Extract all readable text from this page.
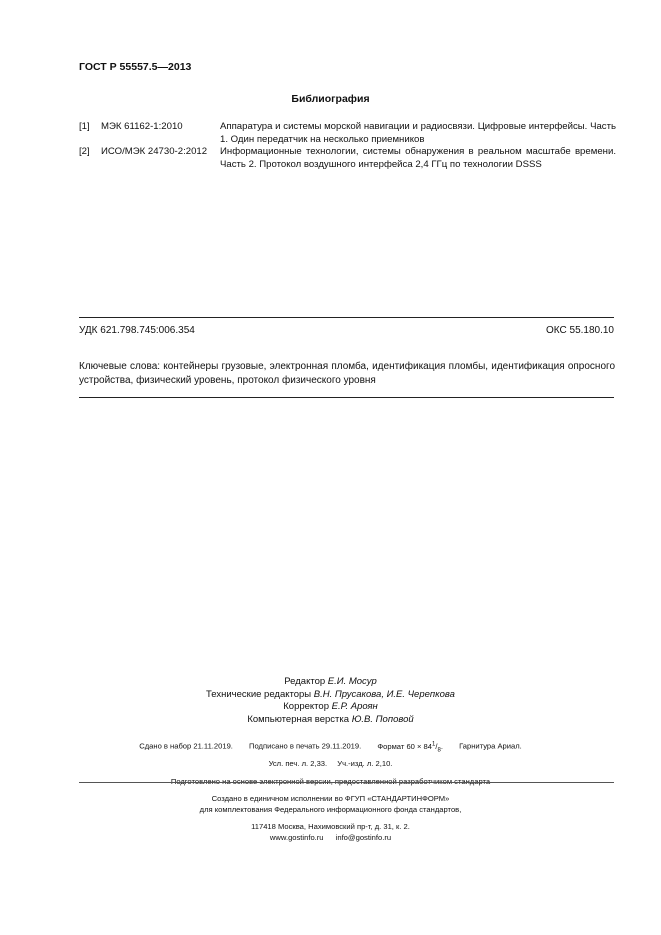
ГОСТ Р 55557.5—2013
Библиография
[1] МЭК 61162-1:2010	Аппаратура и системы морской навигации и радиосвязи. Цифровые интерфейсы. Часть 1. Один передатчик на несколько приемников
[2] ИСО/МЭК 24730-2:2012 Информационные технологии, системы обнаружения в реальном масштабе времени. Часть 2. Протокол воздушного интерфейса 2,4 ГГц по технологии DSSS
УДК 621.798.745:006.354	ОКС 55.180.10
Ключевые слова: контейнеры грузовые, электронная пломба, идентификация пломбы, идентификация опросного устройства, физический уровень, протокол физического уровня
Редактор Е.И. Мосур
Технические редакторы В.Н. Прусакова, И.Е. Черепкова
Корректор Е.Р. Ароян
Компьютерная верстка Ю.В. Поповой
Сдано в набор 21.11.2019. Подписано в печать 29.11.2019. Формат $60 \times 84^1/_8$. Гарнитура Ариал.
Усл. печ. л. 2,33. Уч.-изд. л. 2,10.
Подготовлено на основе электронной версии, предоставленной разработчиком стандарта
Создано в единичном исполнении во ФГУП «СТАНДАРТИНФОРМ»
для комплектования Федерального информационного фонда стандартов,
117418 Москва, Нахимовский пр-т, д. 31, к. 2.
www.gostinfo.ru info@gostinfo.ru
